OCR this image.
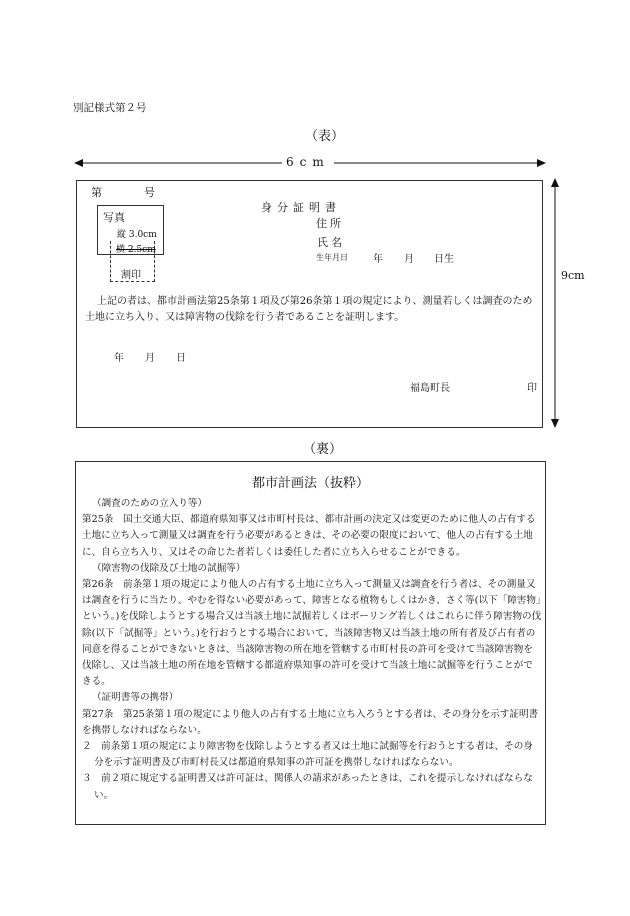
別記様式第２号
（表）
6cm
9cm
第	号
写真
縦 3.0cm
横 2.5cm
割印
身分証明書
住所
氏名
生年月日	年 月 日生
上記の者は、都市計画法第25条第１項及び第26条第１項の規定により、測量若しくは調査のため土地に立ち入り、又は障害物の伐除を行う者であることを証明します。
年 月 日
福島町長	印
（裏）
都市計画法（抜粋）
（調査のための立入り等）
第25条　国土交通大臣、都道府県知事又は市町村長は、都市計画の決定又は変更のために他人の占有する土地に立ち入って測量又は調査を行う必要があるときは、その必要の限度において、他人の占有する土地に、自ら立ち入り、又はその命じた者若しくは委任した者に立ち入らせることができる。
（障害物の伐除及び土地の試掘等）
第26条　前条第１項の規定により他人の占有する土地に立ち入って測量又は調査を行う者は、その測量又は調査を行うに当たり、やむを得ない必要があって、障害となる植物もしくはかき、さく等(以下「障害物」という。)を伐除しようとする場合又は当該土地に試掘若しくはボーリング若しくはこれらに伴う障害物の伐除(以下「試掘等」という。)を行おうとする場合において、当該障害物又は当該土地の所有者及び占有者の同意を得ることができないときは、当該障害物の所在地を管轄する市町村長の許可を受けて当該障害物を伐除し、又は当該土地の所在地を管轄する都道府県知事の許可を受けて当該土地に試掘等を行うことができる。
（証明書等の携帯）
第27条　第25条第１項の規定により他人の占有する土地に立ち入ろうとする者は、その身分を示す証明書を携帯しなければならない。
２　前条第１項の規定により障害物を伐除しようとする者又は土地に試掘等を行おうとする者は、その身分を示す証明書及び市町村長又は都道府県知事の許可証を携帯しなければならない。
３　前２項に規定する証明書又は許可証は、関係人の請求があったときは、これを提示しなければならない。
